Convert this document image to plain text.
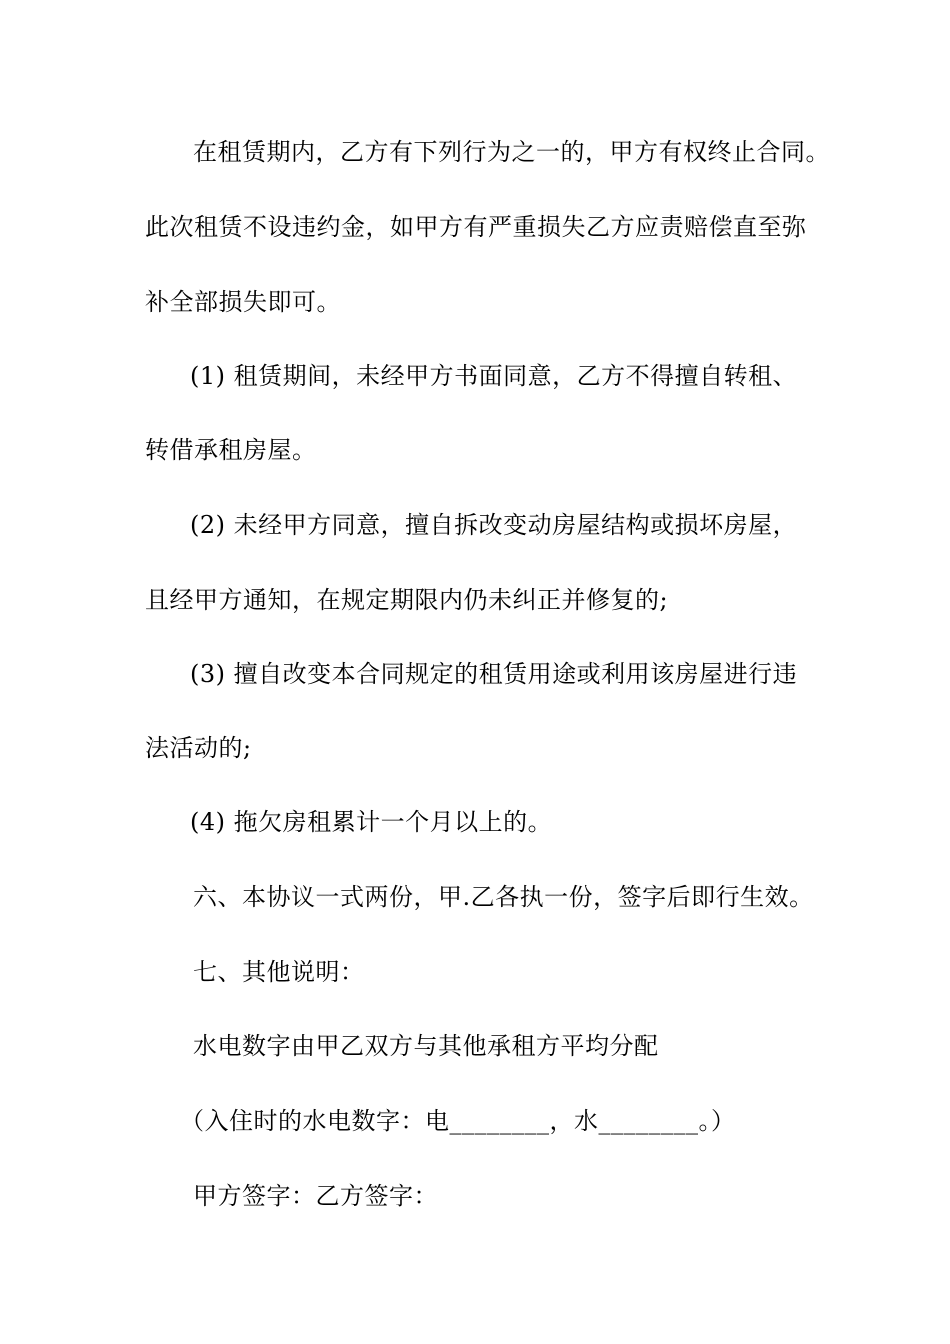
在租赁期内，乙方有下列行为之一的，甲方有权终止合同。
此次租赁不设违约金，如甲方有严重损失乙方应责赔偿直至弥
补全部损失即可。
(1) 租赁期间，未经甲方书面同意，乙方不得擅自转租、
转借承租房屋。
(2) 未经甲方同意，擅自拆改变动房屋结构或损坏房屋，
且经甲方通知，在规定期限内仍未纠正并修复的;
(3) 擅自改变本合同规定的租赁用途或利用该房屋进行违
法活动的;
(4) 拖欠房租累计一个月以上的。
六、本协议一式两份，甲.乙各执一份，签字后即行生效。
七、其他说明：
水电数字由甲乙双方与其他承租方平均分配
（入住时的水电数字：电________，水________。）
甲方签字：乙方签字：
